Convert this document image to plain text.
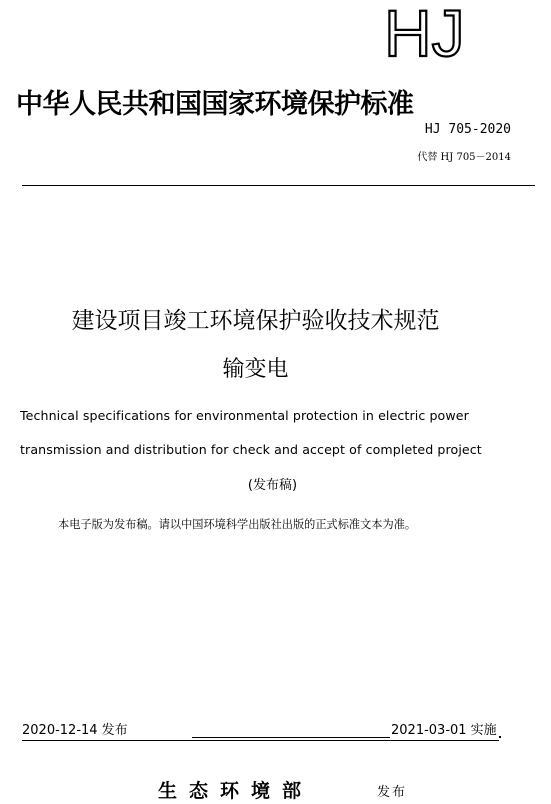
HJ
中华人民共和国国家环境保护标准
HJ 705-2020
代替 HJ 705－2014
建设项目竣工环境保护验收技术规范
输变电
Technical specifications for environmental protection in electric power
transmission and distribution for check and accept of completed project
(发布稿)
本电子版为发布稿。请以中国环境科学出版社出版的正式标准文本为准。
2020-12-14 发布	2021-03-01 实施
生态环境部	发布
